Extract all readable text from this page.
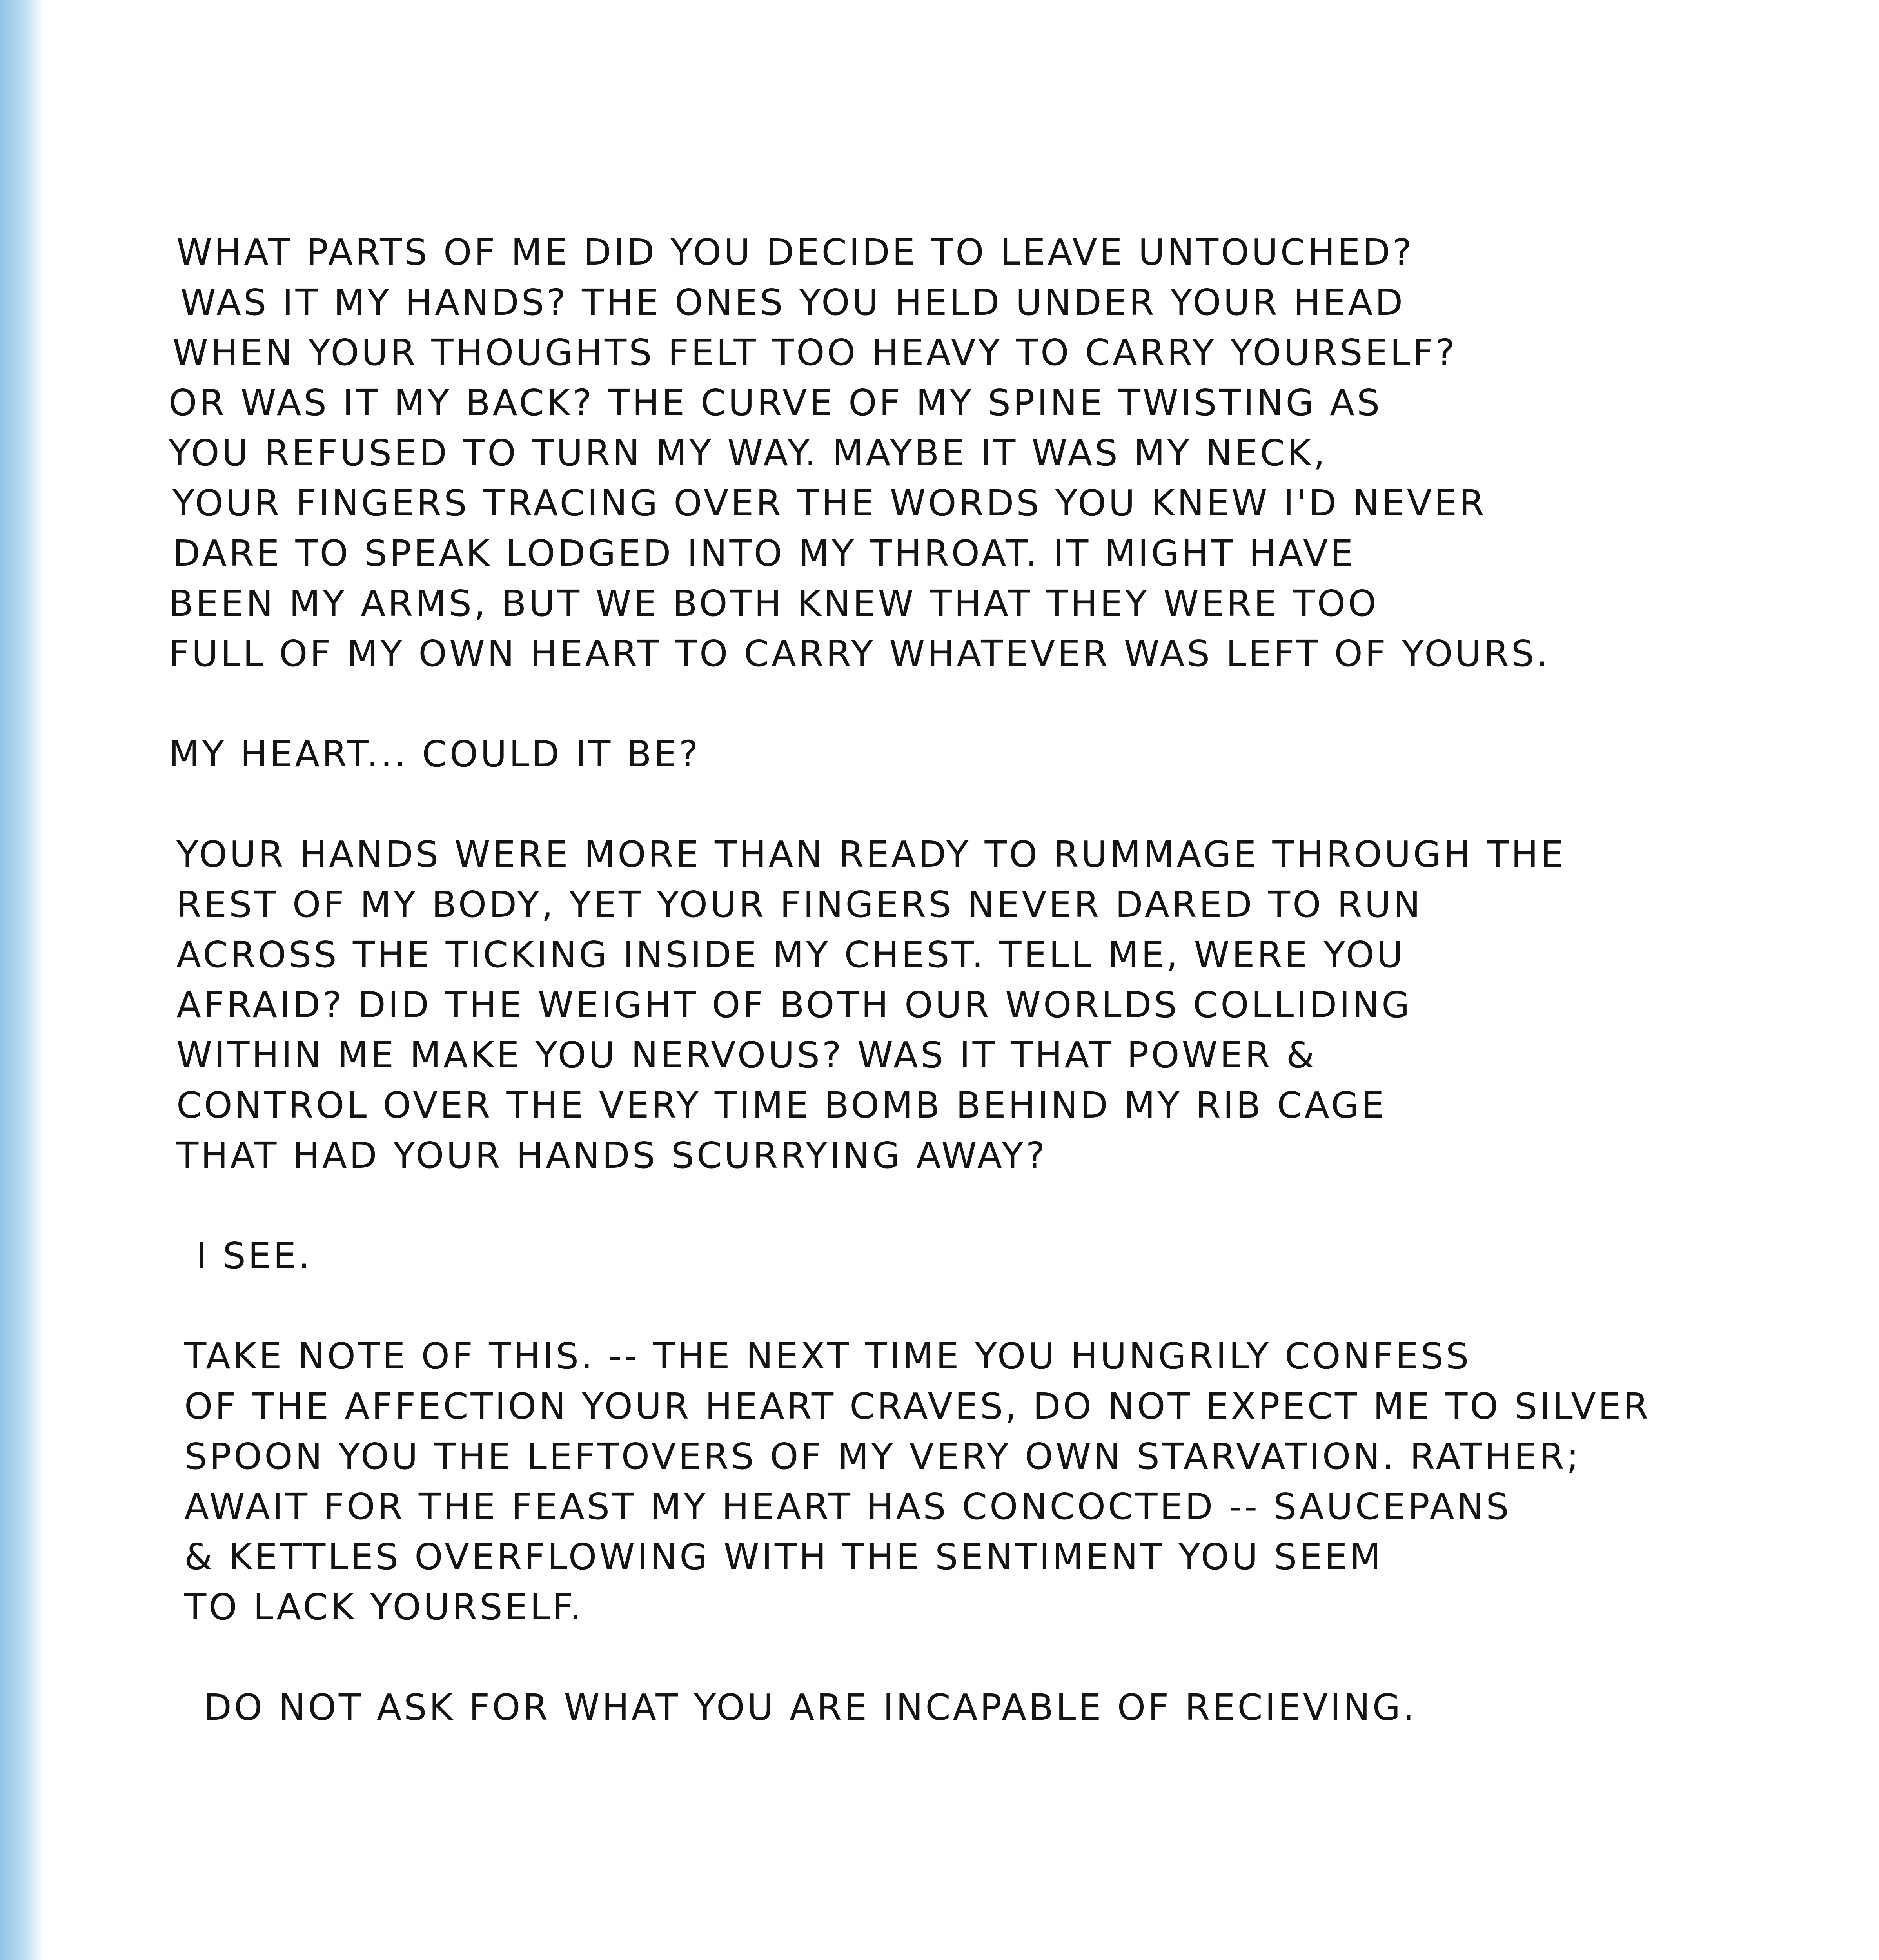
WHAT PARTS OF ME DID YOU DECIDE TO LEAVE UNTOUCHED?
WAS IT MY HANDS? THE ONES YOU HELD UNDER YOUR HEAD
WHEN YOUR THOUGHTS FELT TOO HEAVY TO CARRY YOURSELF?
OR WAS IT MY BACK? THE CURVE OF MY SPINE TWISTING AS
YOU REFUSED TO TURN MY WAY. MAYBE IT WAS MY NECK,
YOUR FINGERS TRACING OVER THE WORDS YOU KNEW I'D NEVER
DARE TO SPEAK LODGED INTO MY THROAT. IT MIGHT HAVE
BEEN MY ARMS, BUT WE BOTH KNEW THAT THEY WERE TOO
FULL OF MY OWN HEART TO CARRY WHATEVER WAS LEFT OF YOURS.

MY HEART... COULD IT BE?

YOUR HANDS WERE MORE THAN READY TO RUMMAGE THROUGH THE
REST OF MY BODY, YET YOUR FINGERS NEVER DARED TO RUN
ACROSS THE TICKING INSIDE MY CHEST. TELL ME, WERE YOU
AFRAID? DID THE WEIGHT OF BOTH OUR WORLDS COLLIDING
WITHIN ME MAKE YOU NERVOUS? WAS IT THAT POWER &
CONTROL OVER THE VERY TIME BOMB BEHIND MY RIB CAGE
THAT HAD YOUR HANDS SCURRYING AWAY?

I SEE.

TAKE NOTE OF THIS. -- THE NEXT TIME YOU HUNGRILY CONFESS
OF THE AFFECTION YOUR HEART CRAVES, DO NOT EXPECT ME TO SILVER
SPOON YOU THE LEFTOVERS OF MY VERY OWN STARVATION. RATHER;
AWAIT FOR THE FEAST MY HEART HAS CONCOCTED -- SAUCEPANS
& KETTLES OVERFLOWING WITH THE SENTIMENT YOU SEEM
TO LACK YOURSELF.

DO NOT ASK FOR WHAT YOU ARE INCAPABLE OF RECIEVING.
